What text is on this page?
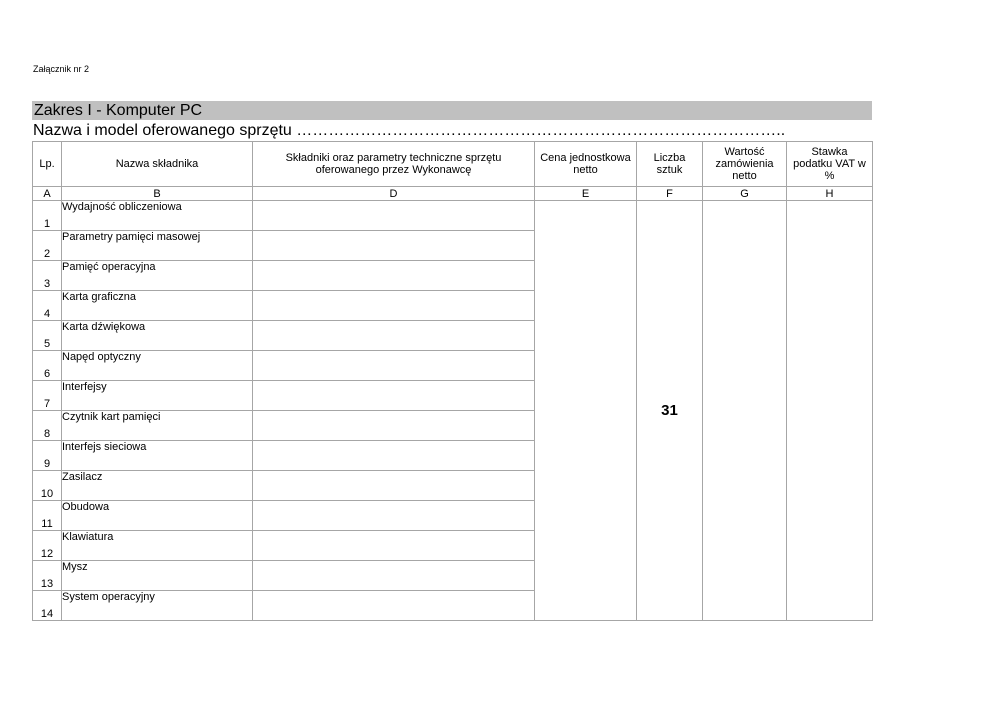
Załącznik nr 2
Zakres I - Komputer PC
Nazwa i model oferowanego sprzętu ………………………………………………………………………………..
Lp.	Nazwa składnika	Składniki oraz parametry techniczne sprzętu oferowanego przez Wykonawcę	Cena jednostkowa netto	Liczba sztuk	Wartość zamówienia netto	Stawka podatku VAT w %
A	B	D	E	F	G	H
1	Wydajność obliczeniowa			31		
2	Parametry pamięci masowej					
3	Pamięć operacyjna					
4	Karta graficzna					
5	Karta dźwiękowa					
6	Napęd optyczny					
7	Interfejsy					
8	Czytnik kart pamięci					
9	Interfejs sieciowa					
10	Zasilacz					
11	Obudowa					
12	Klawiatura					
13	Mysz					
14	System operacyjny					
